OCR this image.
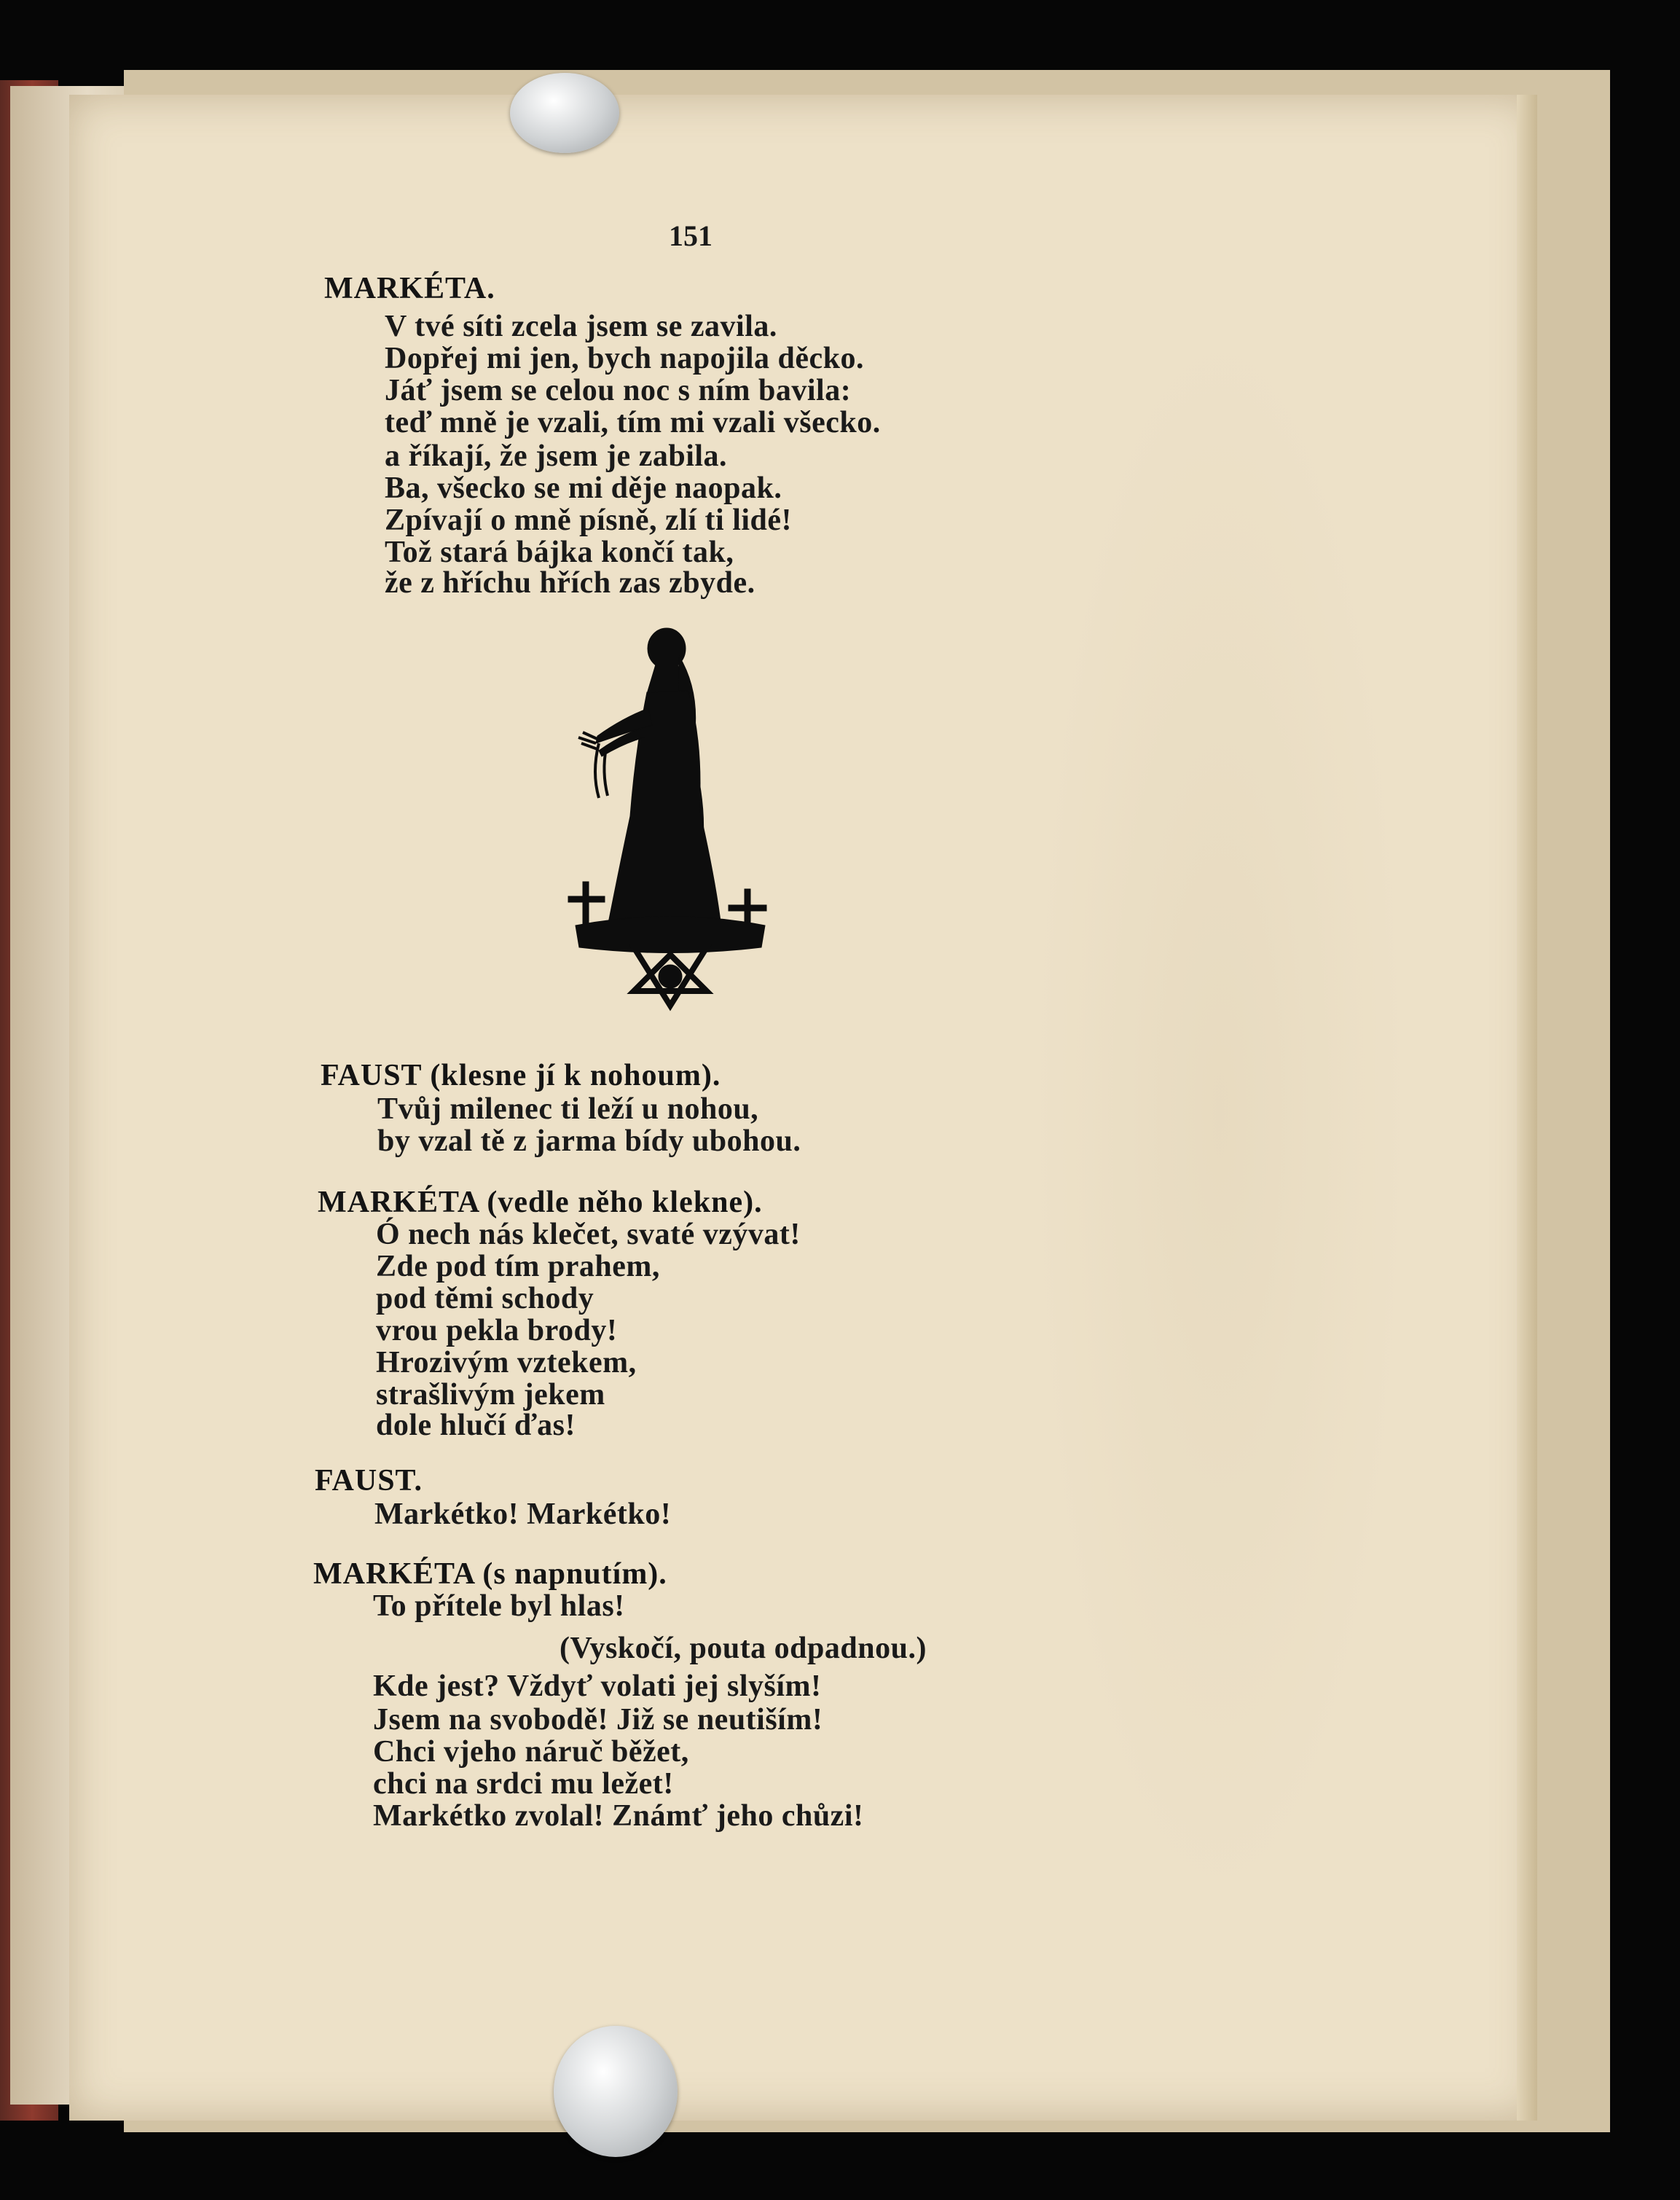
151
MARKÉTA.
V tvé síti zcela jsem se zavila.
Dopřej mi jen, bych napojila děcko.
Jáť jsem se celou noc s ním bavila:
teď mně je vzali, tím mi vzali všecko.
a říkají, že jsem je zabila.
Ba, všecko se mi děje naopak.
Zpívají o mně písně, zlí ti lidé!
Tož stará bájka končí tak,
že z hříchu hřích zas zbyde.
FAUST (klesne jí k nohoum).
Tvůj milenec ti leží u nohou,
by vzal tě z jarma bídy ubohou.
MARKÉTA (vedle něho klekne).
Ó nech nás klečet, svaté vzývat!
Zde pod tím prahem,
pod těmi schody
vrou pekla brody!
Hrozivým vztekem,
strašlivým jekem
dole hlučí ďas!
FAUST.
Markétko! Markétko!
MARKÉTA (s napnutím).
To přítele byl hlas!
(Vyskočí, pouta odpadnou.)
Kde jest? Vždyť volati jej slyším!
Jsem na svobodě! Již se neutiším!
Chci vjeho náruč běžet,
chci na srdci mu ležet!
Markétko zvolal! Známť jeho chůzi!
